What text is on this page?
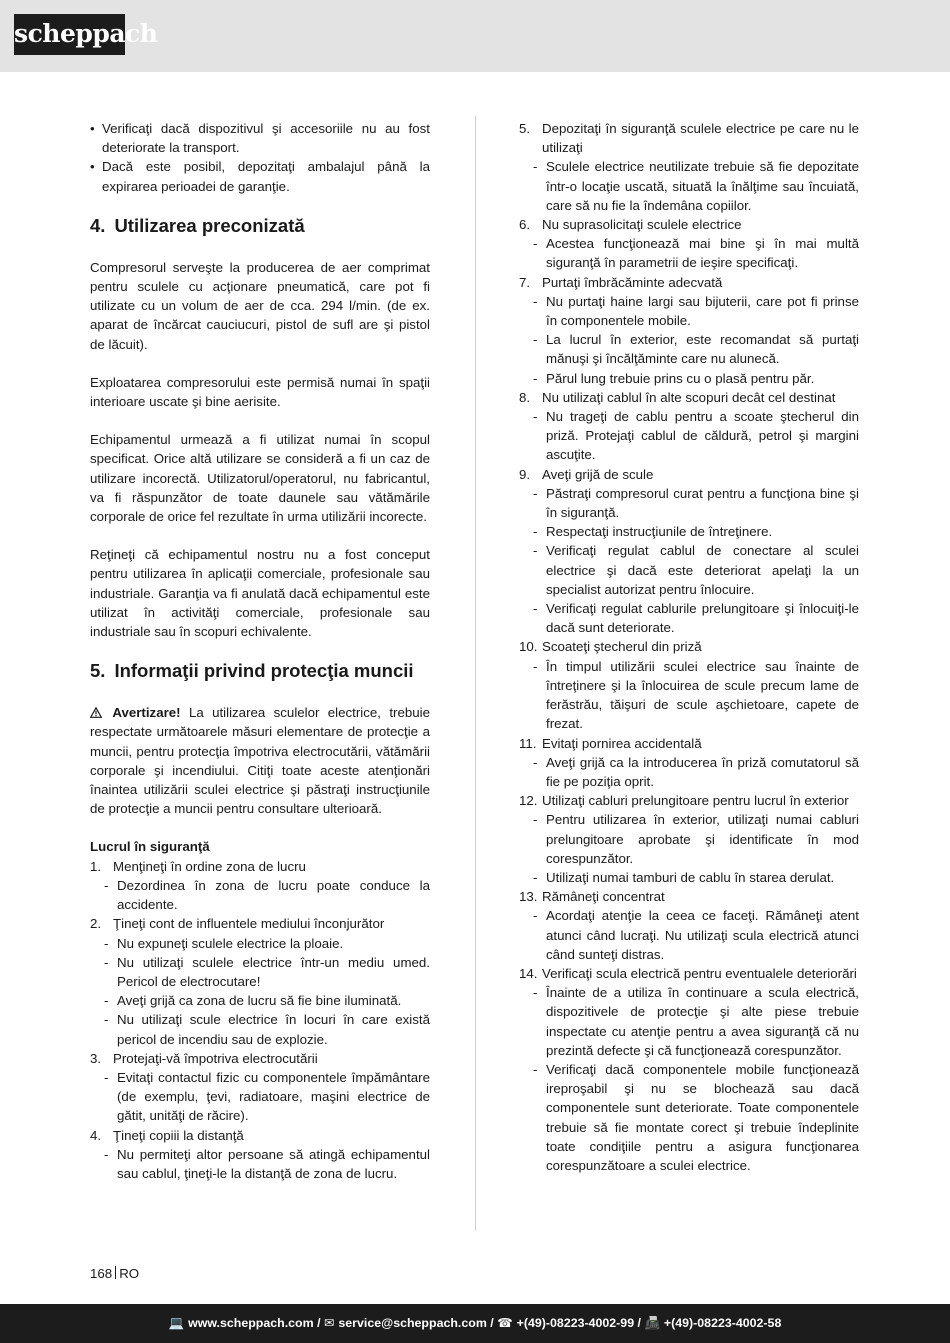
scheppach
• Verificaţi dacă dispozitivul şi accesoriile nu au fost deteriorate la transport.
• Dacă este posibil, depozitaţi ambalajul până la expirarea perioadei de garanţie.
4. Utilizarea preconizată

Compresorul serveşte la producerea de aer comprimat pentru sculele cu acţionare pneumatică, care pot fi utilizate cu un volum de aer de cca. 294 l/min. (de ex. aparat de încărcat cauciucuri, pistol de sufl are şi pistol de lăcuit).

Exploatarea compresorului este permisă numai în spaţii interioare uscate şi bine aerisite.

Echipamentul urmează a fi utilizat numai în scopul specificat. Orice altă utilizare se consideră a fi un caz de utilizare incorectă. Utilizatorul/operatorul, nu fabricantul, va fi răspunzător de toate daunele sau vătămările corporale de orice fel rezultate în urma utilizării incorecte.

Reţineţi că echipamentul nostru nu a fost conceput pentru utilizarea în aplicaţii comerciale, profesionale sau industriale. Garanţia va fi anulată dacă echipamentul este utilizat în activităţi comerciale, profesionale sau industriale sau în scopuri echivalente.

5. Informaţii privind protecţia muncii

Avertizare! La utilizarea sculelor electrice, trebuie respectate următoarele măsuri elementare de protecţie a muncii, pentru protecţia împotriva electrocutării, vătămării corporale şi incendiului. Citiţi toate aceste atenţionări înaintea utilizării sculei electrice şi păstraţi instrucţiunile de protecţie a muncii pentru consultare ulterioară.

Lucrul în siguranţă
1. Menţineţi în ordine zona de lucru
- Dezordinea în zona de lucru poate conduce la accidente.
2. Ţineţi cont de influentele mediului înconjurător
- Nu expuneţi sculele electrice la ploaie.
- Nu utilizaţi sculele electrice într-un mediu umed. Pericol de electrocutare!
- Aveţi grijă ca zona de lucru să fie bine iluminată.
- Nu utilizaţi scule electrice în locuri în care există pericol de incendiu sau de explozie.
3. Protejaţi-vă împotriva electrocutării
- Evitaţi contactul fizic cu componentele împământare (de exemplu, ţevi, radiatoare, maşini electrice de gătit, unităţi de răcire).
4. Ţineţi copiii la distanţă
- Nu permiteţi altor persoane să atingă echipamentul sau cablul, ţineţi-le la distanţă de zona de lucru.
5. Depozitaţi în siguranţă sculele electrice pe care nu le utilizaţi
- Sculele electrice neutilizate trebuie să fie depozitate într-o locaţie uscată, situată la înălţime sau încuiată, care să nu fie la îndemâna copiilor.
6. Nu suprasolicitaţi sculele electrice
- Acestea funcţionează mai bine şi în mai multă siguranţă în parametrii de ieşire specificaţi.
7. Purtaţi îmbrăcăminte adecvată
- Nu purtaţi haine largi sau bijuterii, care pot fi prinse în componentele mobile.
- La lucrul în exterior, este recomandat să purtaţi mănuşi şi încălţăminte care nu alunecă.
- Părul lung trebuie prins cu o plasă pentru păr.
8. Nu utilizaţi cablul în alte scopuri decât cel destinat
- Nu trageţi de cablu pentru a scoate ştecherul din priză. Protejaţi cablul de căldură, petrol şi margini ascuţite.
9. Aveţi grijă de scule
- Păstraţi compresorul curat pentru a funcţiona bine şi în siguranţă.
- Respectaţi instrucţiunile de întreţinere.
- Verificaţi regulat cablul de conectare al sculei electrice şi dacă este deteriorat apelaţi la un specialist autorizat pentru înlocuire.
- Verificaţi regulat cablurile prelungitoare şi înlocuiţi-le dacă sunt deteriorate.
10. Scoateţi ştecherul din priză
- În timpul utilizării sculei electrice sau înainte de întreţinere şi la înlocuirea de scule precum lame de ferăstrău, tăişuri de scule aşchietoare, capete de frezat.
11. Evitaţi pornirea accidentală
- Aveţi grijă ca la introducerea în priză comutatorul să fie pe poziţia oprit.
12. Utilizaţi cabluri prelungitoare pentru lucrul în exterior
- Pentru utilizarea în exterior, utilizaţi numai cabluri prelungitoare aprobate şi identificate în mod corespunzător.
- Utilizaţi numai tamburi de cablu în starea derulat.
13. Rămâneţi concentrat
- Acordaţi atenţie la ceea ce faceţi. Rămâneţi atent atunci când lucraţi. Nu utilizaţi scula electrică atunci când sunteţi distras.
14. Verificaţi scula electrică pentru eventualele deteriorări
- Înainte de a utiliza în continuare a scula electrică, dispozitivele de protecţie şi alte piese trebuie inspectate cu atenţie pentru a avea siguranţă că nu prezintă defecte şi că funcţionează corespunzător.
- Verificaţi dacă componentele mobile funcţionează ireproşabil şi nu se blochează sau dacă componentele sunt deteriorate. Toate componentele trebuie să fie montate corect şi trebuie îndeplinite toate condiţiile pentru a asigura funcţionarea corespunzătoare a sculei electrice.
168 RO
💻 www.scheppach.com / ✉ service@scheppach.com / ☎ +(49)-08223-4002-99 / 📠 +(49)-08223-4002-58
